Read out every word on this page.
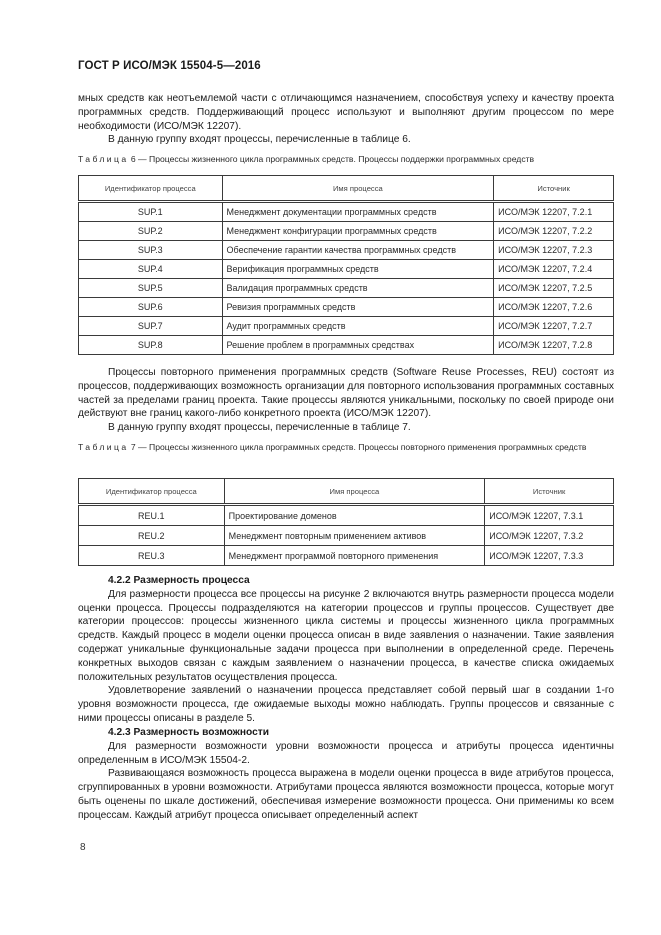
ГОСТ Р ИСО/МЭК 15504-5—2016

мных средств как неотъемлемой части с отличающимся назначением, способствуя успеху и качеству проекта программных средств. Поддерживающий процесс используют и выполняют другим процессом по мере необходимости (ИСО/МЭК 12207).

В данную группу входят процессы, перечисленные в таблице 6.

Таблица 6 — Процессы жизненного цикла программных средств. Процессы поддержки программных средств
Идентификатор процесса	Имя процесса	Источник
SUP.1	Менеджмент документации программных средств	ИСО/МЭК 12207, 7.2.1
SUP.2	Менеджмент конфигурации программных средств	ИСО/МЭК 12207, 7.2.2
SUP.3	Обеспечение гарантии качества программных средств	ИСО/МЭК 12207, 7.2.3
SUP.4	Верификация программных средств	ИСО/МЭК 12207, 7.2.4
SUP.5	Валидация программных средств	ИСО/МЭК 12207, 7.2.5
SUP.6	Ревизия программных средств	ИСО/МЭК 12207, 7.2.6
SUP.7	Аудит программных средств	ИСО/МЭК 12207, 7.2.7
SUP.8	Решение проблем в программных средствах	ИСО/МЭК 12207, 7.2.8

Процессы повторного применения программных средств (Software Reuse Processes, REU) состоят из процессов, поддерживающих возможность организации для повторного использования программных составных частей за пределами границ проекта. Такие процессы являются уникальными, поскольку по своей природе они действуют вне границ какого-либо конкретного проекта (ИСО/МЭК 12207).

В данную группу входят процессы, перечисленные в таблице 7.

Таблица 7 — Процессы жизненного цикла программных средств. Процессы повторного применения программных средств
Идентификатор процесса	Имя процесса	Источник
REU.1	Проектирование доменов	ИСО/МЭК 12207, 7.3.1
REU.2	Менеджмент повторным применением активов	ИСО/МЭК 12207, 7.3.2
REU.3	Менеджмент программой повторного применения	ИСО/МЭК 12207, 7.3.3

4.2.2 Размерность процесса

Для размерности процесса все процессы на рисунке 2 включаются внутрь размерности процесса модели оценки процесса. Процессы подразделяются на категории процессов и группы процессов. Существует две категории процессов: процессы жизненного цикла системы и процессы жизненного цикла программных средств. Каждый процесс в модели оценки процесса описан в виде заявления о назначении. Такие заявления содержат уникальные функциональные задачи процесса при выполнении в определенной среде. Перечень конкретных выходов связан с каждым заявлением о назначении процесса, в качестве списка ожидаемых положительных результатов осуществления процесса.

Удовлетворение заявлений о назначении процесса представляет собой первый шаг в создании 1-го уровня возможности процесса, где ожидаемые выходы можно наблюдать. Группы процессов и связанные с ними процессы описаны в разделе 5.

4.2.3 Размерность возможности

Для размерности возможности уровни возможности процесса и атрибуты процесса идентичны определенным в ИСО/МЭК 15504-2.

Развивающаяся возможность процесса выражена в модели оценки процесса в виде атрибутов процесса, сгруппированных в уровни возможности. Атрибутами процесса являются возможности процесса, которые могут быть оценены по шкале достижений, обеспечивая измерение возможности процесса. Они применимы ко всем процессам. Каждый атрибут процесса описывает определенный аспект

8
